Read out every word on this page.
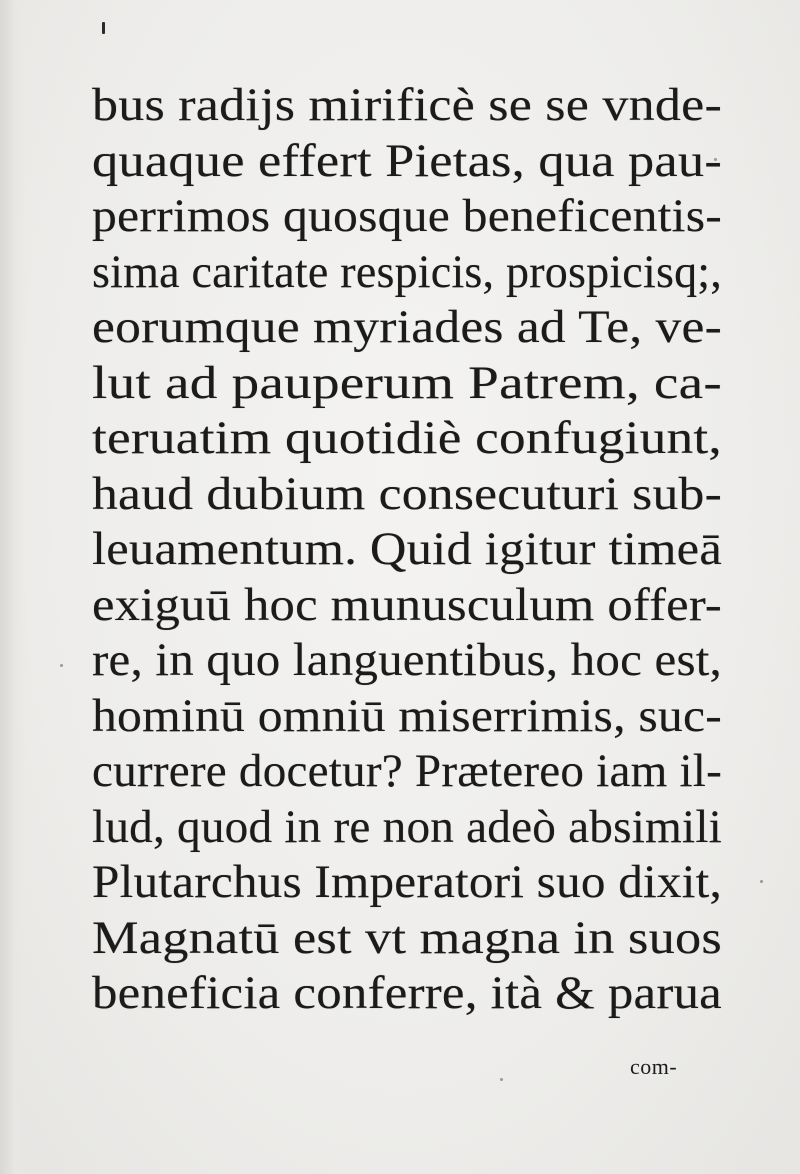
bus radijs mirificè se se vnde-
quaque effert Pietas, qua pau-
perrimos quosque beneficentis-
sima caritate respicis, prospicisq;,
eorumque myriades ad Te, ve-
lut ad pauperum Patrem, ca-
teruatim quotidiè confugiunt,
haud dubium consecuturi sub-
leuamentum. Quid igitur timeā
exiguū hoc munusculum offer-
re, in quo languentibus, hoc est,
hominū omniū miserrimis, suc-
currere docetur? Prætereo iam il-
lud, quod in re non adeò absimili
Plutarchus Imperatori suo dixit,
Magnatū est vt magna in suos
beneficia conferre, ità & parua
com-
